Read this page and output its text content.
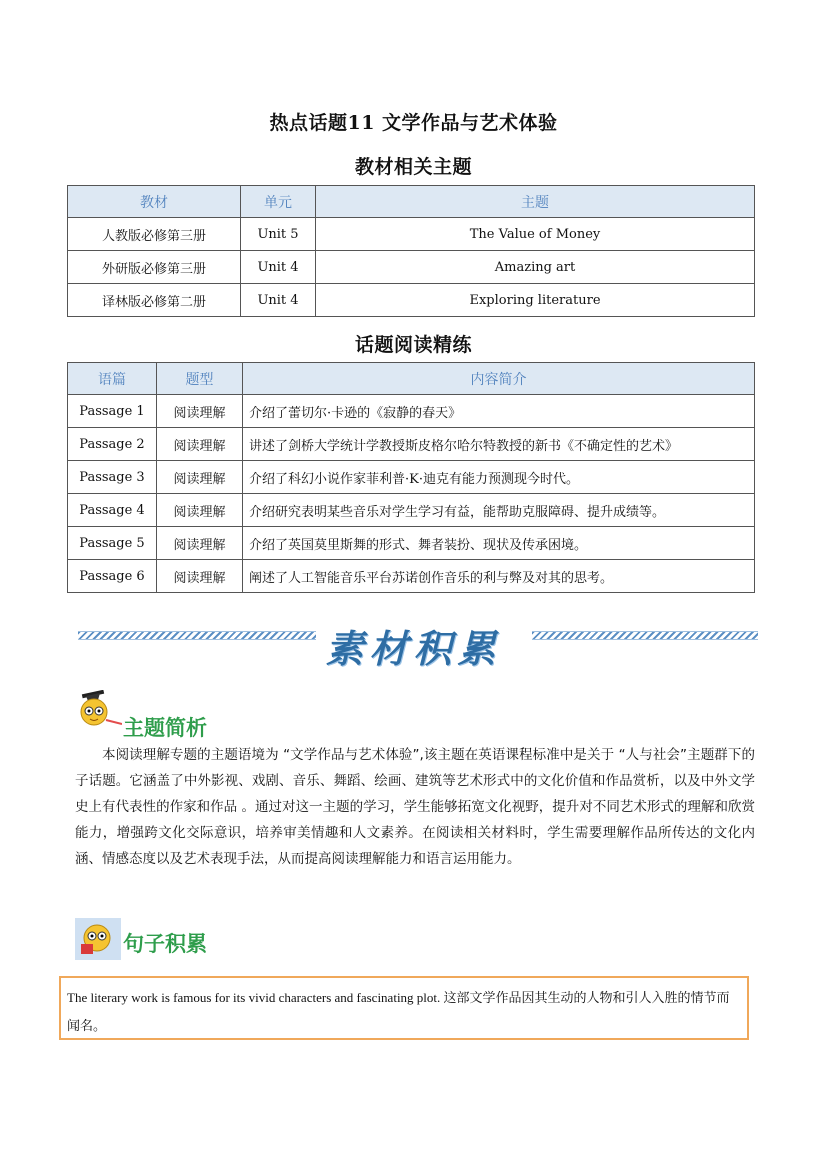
热点话题11 文学作品与艺术体验
教材相关主题
教材	单元	主题
人教版必修第三册	Unit 5	The Value of Money
外研版必修第三册	Unit 4	Amazing art
译林版必修第二册	Unit 4	Exploring literature
话题阅读精练
语篇	题型	内容简介
Passage 1	阅读理解	介绍了蕾切尔·卡逊的《寂静的春天》
Passage 2	阅读理解	讲述了剑桥大学统计学教授斯皮格尔哈尔特教授的新书《不确定性的艺术》
Passage 3	阅读理解	介绍了科幻小说作家菲利普·K·迪克有能力预测现今时代。
Passage 4	阅读理解	介绍研究表明某些音乐对学生学习有益，能帮助克服障碍、提升成绩等。
Passage 5	阅读理解	介绍了英国莫里斯舞的形式、舞者装扮、现状及传承困境。
Passage 6	阅读理解	阐述了人工智能音乐平台苏诺创作音乐的利与弊及对其的思考。
素材积累
主题简析
本阅读理解专题的主题语境为 “文学作品与艺术体验”,该主题在英语课程标准中是关于 “人与社会”主题群下的子话题。它涵盖了中外影视、戏剧、音乐、舞蹈、绘画、建筑等艺术形式中的文化价值和作品赏析，以及中外文学史上有代表性的作家和作品 。通过对这一主题的学习，学生能够拓宽文化视野，提升对不同艺术形式的理解和欣赏能力，增强跨文化交际意识，培养审美情趣和人文素养。在阅读相关材料时，学生需要理解作品所传达的文化内涵、情感态度以及艺术表现手法，从而提高阅读理解能力和语言运用能力。
句子积累
The literary work is famous for its vivid characters and fascinating plot. 这部文学作品因其生动的人物和引人入胜的情节而闻名。
